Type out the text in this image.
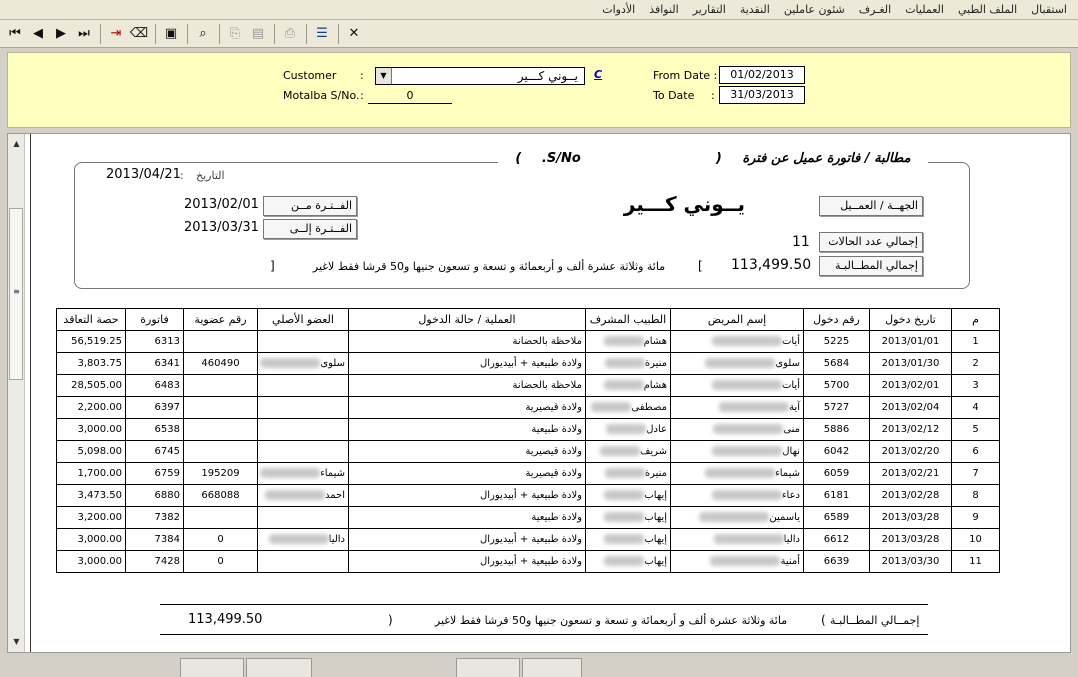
استقبال
الملف الطبي
العمليات
الغـرف
شئون عاملين
النقدية
التقارير
النوافذ
الأدوات
⏮ ◀	▶ ⏭	⇥ ⌫	▣	⌕	⎘ ▤	⎙	☰	✕
Customer :	▼	يــوني كـــير C
Motalba S/No. :	0
From Date :	01/02/2013
To Date :	31/03/2013
▲
≡
▼
مطالبة / فاتورة عميل عن فترة (  S/No. )
2013/04/21 : التاريخ
2013/02/01	الفــتـرة مــن
2013/03/31	الفــتـرة إلــى
يــوني كـــير	الجهــة / العمــيل
11	إجمالي عدد الحالات
113,499.50	إجمالي المطــالبـة
]	مائة وثلاثة عشرة ألف و أربعمائة و تسعة و تسعون جنيها و50 قرشا فقط لاغير	[
حصة التعاقد	فاتورة	رقم عضوية	العضو الأصلي	العملية / حالة الدخول	الطبيب المشرف	إسم المريض	رقم دخول	تاريخ دخول	م
56,519.25	6313			ملاحظة بالحضانة	هشام	أيات	5225	2013/01/01	1
3,803.75	6341	460490	سلوى	ولادة طبيعية + أبيديورال	منيرة	سلوى	5684	2013/01/30	2
28,505.00	6483			ملاحظة بالحضانة	هشام	أيات	5700	2013/02/01	3
2,200.00	6397			ولادة قيصيرية	مصطفى	آية	5727	2013/02/04	4
3,000.00	6538			ولادة طبيعية	عادل	منى	5886	2013/02/12	5
5,098.00	6745			ولادة قيصيرية	شريف	نهال	6042	2013/02/20	6
1,700.00	6759	195209	شيماء	ولادة قيصيرية	منيرة	شيماء	6059	2013/02/21	7
3,473.50	6880	668088	احمد	ولادة طبيعية + أبيديورال	إيهاب	دعاء	6181	2013/02/28	8
3,200.00	7382			ولادة طبيعية	إيهاب	ياسمين	6589	2013/03/28	9
3,000.00	7384	0	داليا	ولادة طبيعية + أبيديورال	إيهاب	داليا	6612	2013/03/28	10
3,000.00	7428	0		ولادة طبيعية + أبيديورال	إيهاب	أمنية	6639	2013/03/30	11
113,499.50	)	مائة وثلاثة عشرة ألف و أربعمائة و تسعة و تسعون جنيها و50 قرشا فقط لاغير	( إجمــالي المطــالبـة
